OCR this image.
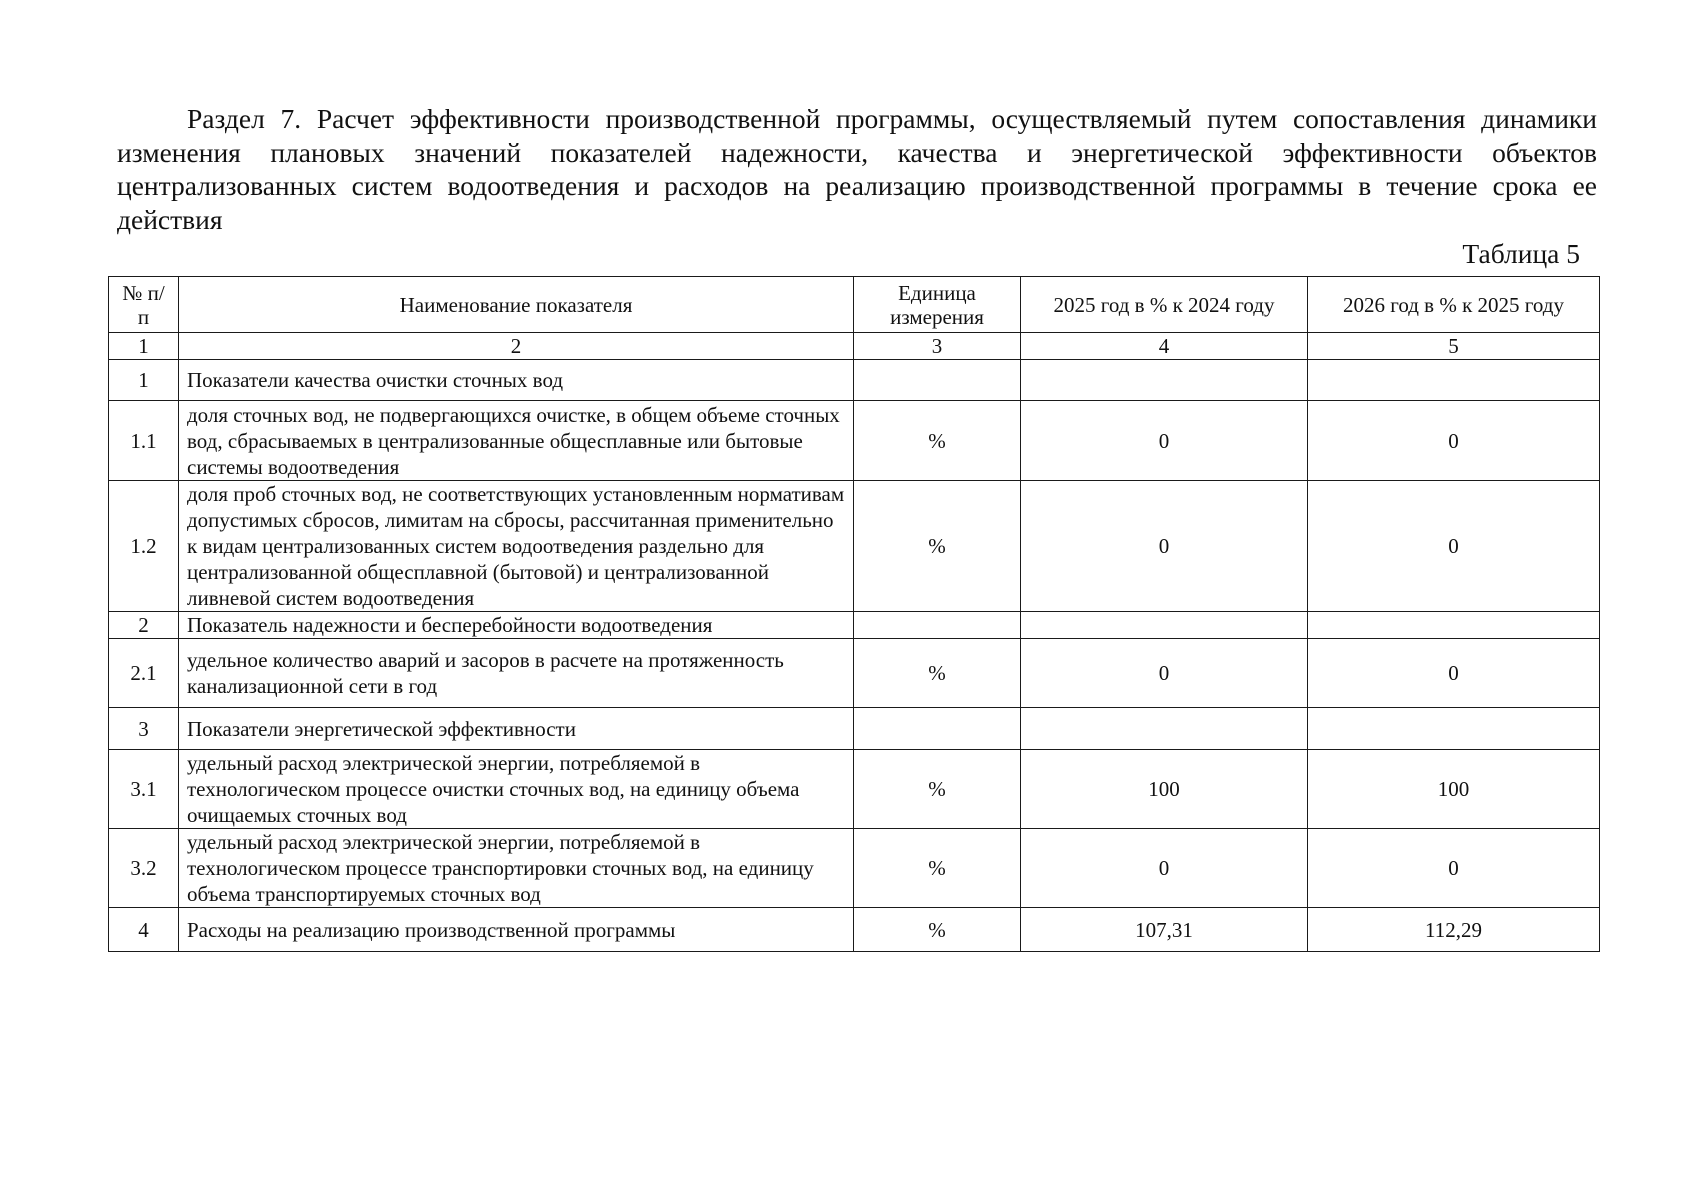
Раздел 7. Расчет эффективности производственной программы, осуществляемый путем сопоставления динамики изменения плановых значений показателей надежности, качества и энергетической эффективности объектов централизованных систем водоотведения и расходов на реализацию производственной программы в течение срока ее действия

Таблица 5

№ п/п	Наименование показателя	Единица измерения	2025 год в % к 2024 году	2026 год в % к 2025 году
1	2	3	4	5
1	Показатели качества очистки сточных вод			
1.1	доля сточных вод, не подвергающихся очистке, в общем объеме сточных вод, сбрасываемых в централизованные общесплавные или бытовые системы водоотведения	%	0	0
1.2	доля проб сточных вод, не соответствующих установленным нормативам допустимых сбросов, лимитам на сбросы, рассчитанная применительно к видам централизованных систем водоотведения раздельно для централизованной общесплавной (бытовой) и централизованной ливневой систем водоотведения	%	0	0
2	Показатель надежности и бесперебойности водоотведения			
2.1	удельное количество аварий и засоров в расчете на протяженность канализационной сети в год	%	0	0
3	Показатели энергетической эффективности			
3.1	удельный расход электрической энергии, потребляемой в технологическом процессе очистки сточных вод, на единицу объема очищаемых сточных вод	%	100	100
3.2	удельный расход электрической энергии, потребляемой в технологическом процессе транспортировки сточных вод, на единицу объема транспортируемых сточных вод	%	0	0
4	Расходы на реализацию производственной программы	%	107,31	112,29
